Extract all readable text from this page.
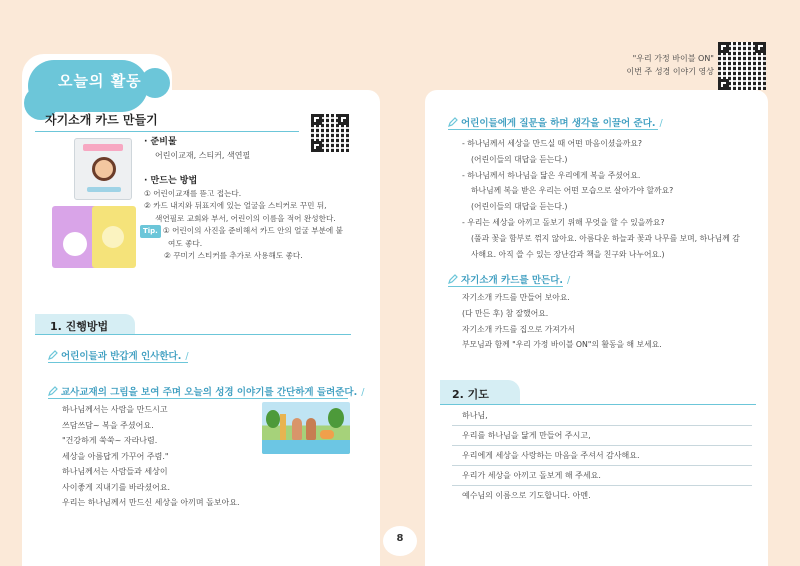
오늘의 활동
"우리 가정 바이블 ON"
이번 주 성경 이야기 영상
자기소개 카드 만들기
· 준비물
어린이교재, 스티커, 색연필
· 만드는 방법
① 어린이교재를 뜯고 접는다.
② 카드 내지와 뒤표지에 있는 얼굴을 스티커로 꾸민 뒤,
색연필로 교회와 부서, 어린이의 이름을 적어 완성한다.
Tip. ① 어린이의 사진을 준비해서 카드 안의 얼굴 부분에 붙
여도 좋다.
② 꾸미기 스티커를 추가로 사용해도 좋다.
1. 진행방법
어린이들과 반갑게 인사한다. /
교사교재의 그림을 보여 주며 오늘의 성경 이야기를 간단하게 들려준다. /
하나님께서는 사람을 만드시고
쓰담쓰담~ 복을 주셨어요.
"건강하게 쑥쑥~ 자라나렴.
세상을 아름답게 가꾸어 주렴."
하나님께서는 사람들과 세상이
사이좋게 지내기를 바라셨어요.
우리는 하나님께서 만드신 세상을 아끼며 돌보아요.
어린이들에게 질문을 하며 생각을 이끌어 준다. /
- 하나님께서 세상을 만드실 때 어떤 마음이셨을까요?
(어린이들의 대답을 듣는다.)
- 하나님께서 하나님을 닮은 우리에게 복을 주셨어요.
하나님께 복을 받은 우리는 어떤 모습으로 살아가야 할까요?
(어린이들의 대답을 듣는다.)
- 우리는 세상을 아끼고 돌보기 위해 무엇을 할 수 있을까요?
(풀과 꽃을 함부로 꺾지 않아요. 아름다운 하늘과 꽃과 나무를 보며, 하나님께 감
사해요. 아직 쓸 수 있는 장난감과 책을 친구와 나누어요.)
자기소개 카드를 만든다. /
자기소개 카드를 만들어 보아요.
(다 만든 후) 참 잘했어요.
자기소개 카드를 집으로 가져가서
부모님과 함께 "우리 가정 바이블 ON"의 활동을 해 보세요.
2. 기도
하나님,
우리를 하나님을 닮게 만들어 주시고,
우리에게 세상을 사랑하는 마음을 주셔서 감사해요.
우리가 세상을 아끼고 돌보게 해 주세요.
예수님의 이름으로 기도합니다. 아멘.
8
